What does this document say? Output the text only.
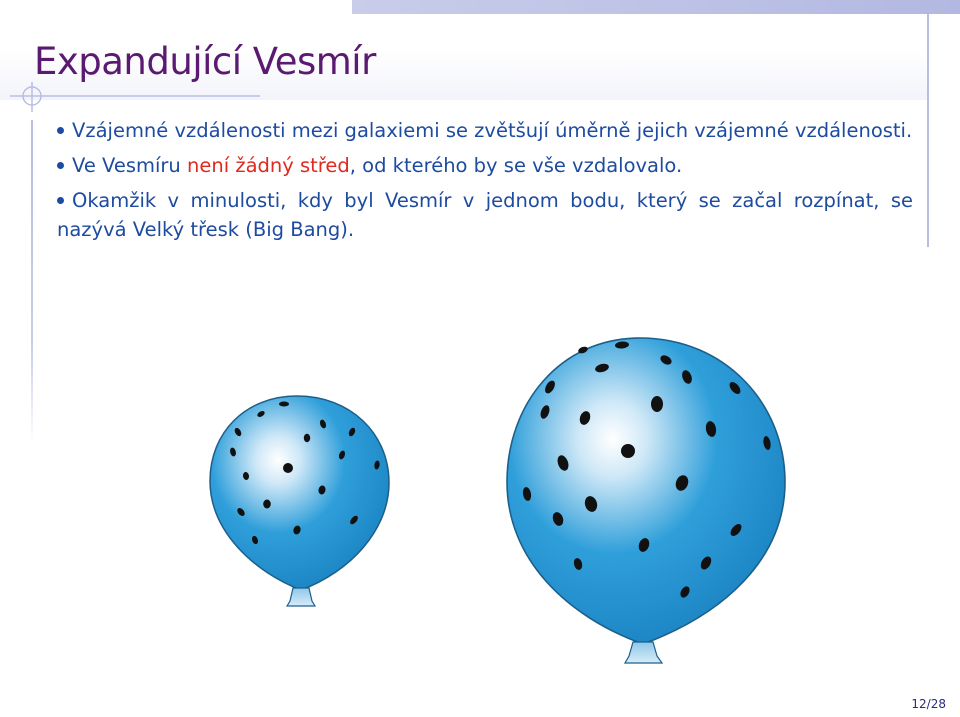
Expandující Vesmír
Vzájemné vzdálenosti mezi galaxiemi se zvětšují úměrně jejich vzájemné vzdálenosti.
Ve Vesmíru není žádný střed, od kterého by se vše vzdalovalo.
Okamžik v minulosti, kdy byl Vesmír v jednom bodu, který se začal rozpínat, se nazývá Velký třesk (Big Bang).
12/28
